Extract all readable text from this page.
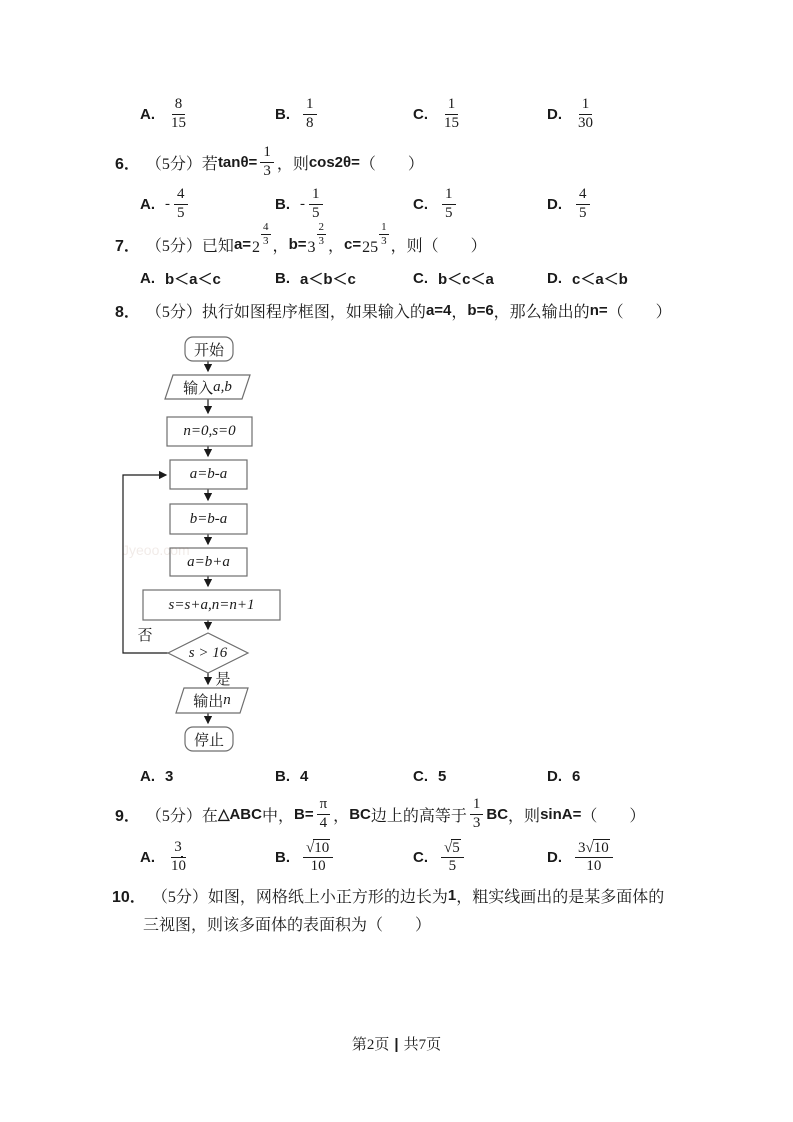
A. $\frac{8}{15}$	B. $\frac{1}{8}$	C. $\frac{1}{15}$	D. $\frac{1}{30}$
6． （5分） 若 $\tan\theta= \frac{1}{3}$ ，则 cos2θ= （　　）
A. - $\frac{4}{5}$	B. - $\frac{1}{5}$	C. $\frac{1}{5}$	D. $\frac{4}{5}$
7． （5分） 已知 a= 2
$\frac{4}{3}$ ， b= 3
$\frac{2}{3}$ ， c= 25
$\frac{1}{3}$ ，则（　　）
A. b＜a＜c	B. a＜b＜c	C. b＜c＜a	D. c＜a＜b
8． （5分） 执行如图程序框图，如果输入的 a=4 ， b=6 ，那么输出的 n= （　　）
开始
输入 a,b
n=0,s=0
a=b-a
b=b-a
a=b+a
s=s+a,n=n+1
s > 16
否
是
输出 n
停止
A. 3	B. 4	C. 5	D. 6
9． （5分） 在 △ABC 中， $B= \frac{\pi}{4}$ ， BC 边上的高等于 $\frac{1}{3}$ BC ，则 sinA= （　　）
A. $\frac{3}{10}$	B. $\frac{√ 10}{10}$	C. $\frac{√ 5}{5}$	D. $\frac{3 √ 10}{10}$
10． （5分） 如图，网格纸上小正方形的边长为 1 ，粗实线画出的是某多面体的
三视图，则该多面体的表面积为（　　）
Jyeoo.com
第2页 | 共7页
